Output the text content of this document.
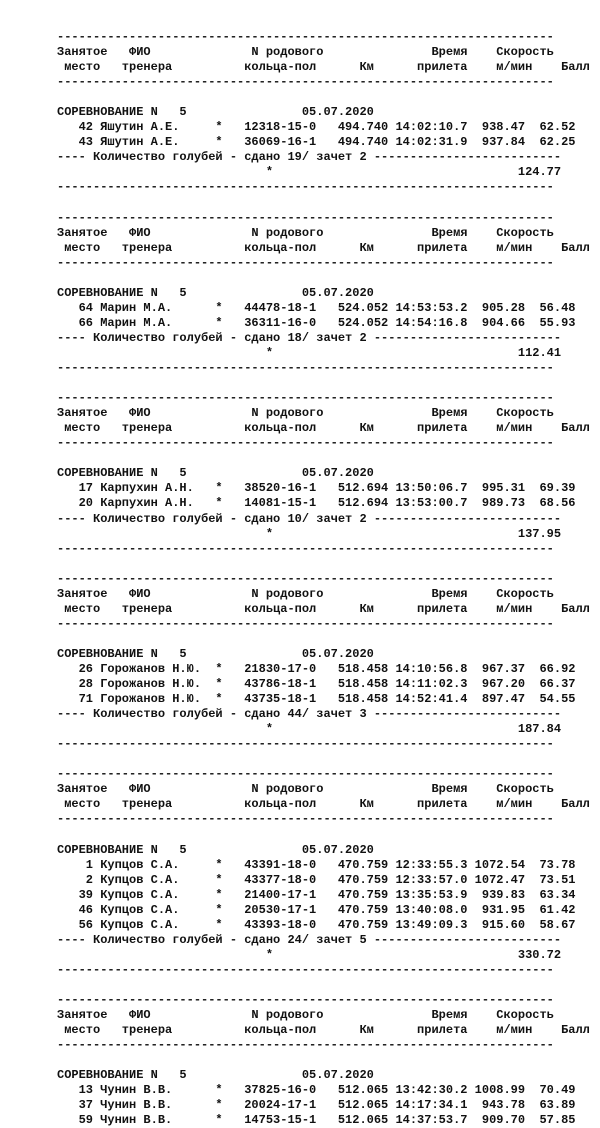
---------------------------------------------------------------------
Занятое   ФИО              N родового               Время    Скорость
место   тренера          кольца-пол      Км      прилета    м/мин    Балл
---------------------------------------------------------------------

СОРЕВНОВАНИЕ N   5                05.07.2020
42 Яшутин А.Е.     *   12318-15-0   494.740 14:02:10.7  938.47  62.52
43 Яшутин А.Е.     *   36069-16-1   494.740 14:02:31.9  937.84  62.25
---- Количество голубей - сдано 19/ зачет 2 --------------------------
*                                  124.77
---------------------------------------------------------------------

---------------------------------------------------------------------
Занятое   ФИО              N родового               Время    Скорость
место   тренера          кольца-пол      Км      прилета    м/мин    Балл
---------------------------------------------------------------------

СОРЕВНОВАНИЕ N   5                05.07.2020
64 Марин М.А.      *   44478-18-1   524.052 14:53:53.2  905.28  56.48
66 Марин М.А.      *   36311-16-0   524.052 14:54:16.8  904.66  55.93
---- Количество голубей - сдано 18/ зачет 2 --------------------------
*                                  112.41
---------------------------------------------------------------------

---------------------------------------------------------------------
Занятое   ФИО              N родового               Время    Скорость
место   тренера          кольца-пол      Км      прилета    м/мин    Балл
---------------------------------------------------------------------

СОРЕВНОВАНИЕ N   5                05.07.2020
17 Карпухин А.Н.   *   38520-16-1   512.694 13:50:06.7  995.31  69.39
20 Карпухин А.Н.   *   14081-15-1   512.694 13:53:00.7  989.73  68.56
---- Количество голубей - сдано 10/ зачет 2 --------------------------
*                                  137.95
---------------------------------------------------------------------

---------------------------------------------------------------------
Занятое   ФИО              N родового               Время    Скорость
место   тренера          кольца-пол      Км      прилета    м/мин    Балл
---------------------------------------------------------------------

СОРЕВНОВАНИЕ N   5                05.07.2020
26 Горожанов Н.Ю.  *   21830-17-0   518.458 14:10:56.8  967.37  66.92
28 Горожанов Н.Ю.  *   43786-18-1   518.458 14:11:02.3  967.20  66.37
71 Горожанов Н.Ю.  *   43735-18-1   518.458 14:52:41.4  897.47  54.55
---- Количество голубей - сдано 44/ зачет 3 --------------------------
*                                  187.84
---------------------------------------------------------------------

---------------------------------------------------------------------
Занятое   ФИО              N родового               Время    Скорость
место   тренера          кольца-пол      Км      прилета    м/мин    Балл
---------------------------------------------------------------------

СОРЕВНОВАНИЕ N   5                05.07.2020
1 Купцов С.А.     *   43391-18-0   470.759 12:33:55.3 1072.54  73.78
2 Купцов С.А.     *   43377-18-0   470.759 12:33:57.0 1072.47  73.51
39 Купцов С.А.     *   21400-17-1   470.759 13:35:53.9  939.83  63.34
46 Купцов С.А.     *   20530-17-1   470.759 13:40:08.0  931.95  61.42
56 Купцов С.А.     *   43393-18-0   470.759 13:49:09.3  915.60  58.67
---- Количество голубей - сдано 24/ зачет 5 --------------------------
*                                  330.72
---------------------------------------------------------------------

---------------------------------------------------------------------
Занятое   ФИО              N родового               Время    Скорость
место   тренера          кольца-пол      Км      прилета    м/мин    Балл
---------------------------------------------------------------------

СОРЕВНОВАНИЕ N   5                05.07.2020
13 Чунин В.В.      *   37825-16-0   512.065 13:42:30.2 1008.99  70.49
37 Чунин В.В.      *   20024-17-1   512.065 14:17:34.1  943.78  63.89
59 Чунин В.В.      *   14753-15-1   512.065 14:37:53.7  909.70  57.85
